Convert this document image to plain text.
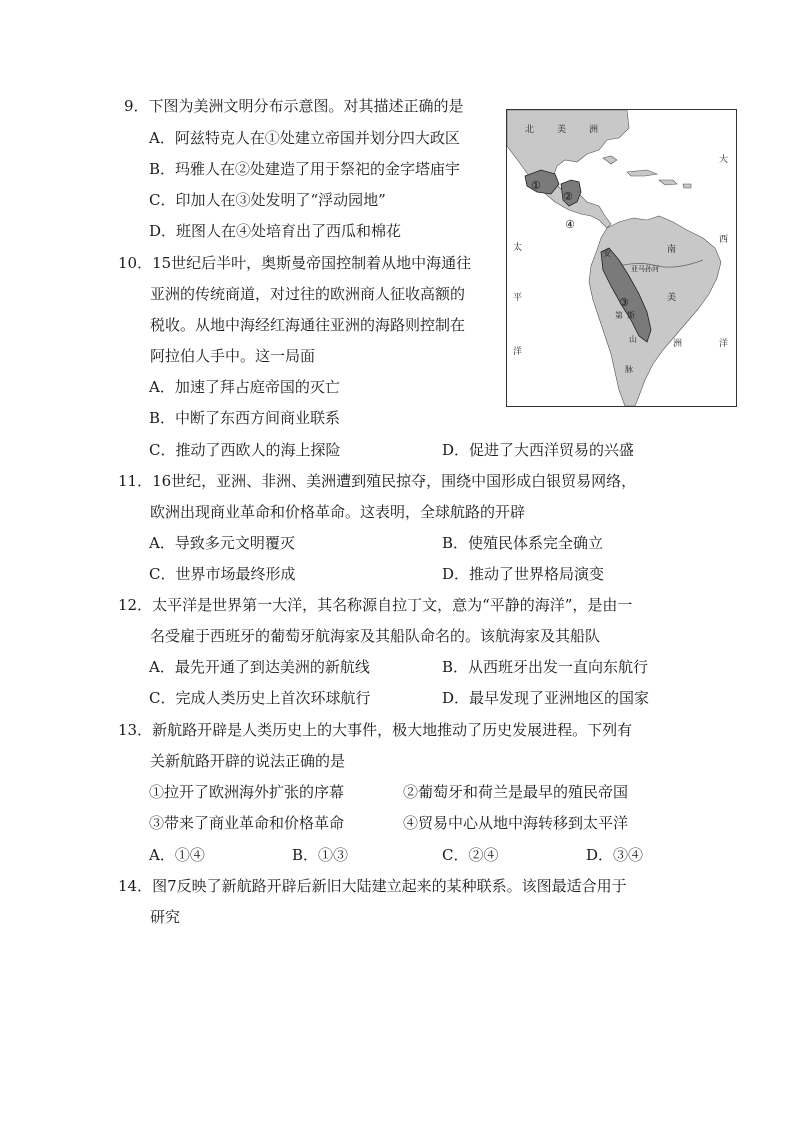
9．下图为美洲文明分布示意图。对其描述正确的是
A．阿兹特克人在①处建立帝国并划分四大政区
B．玛雅人在②处建造了用于祭祀的金字塔庙宇
C．印加人在③处发明了“浮动园地”
D．班图人在④处培育出了西瓜和棉花
10．15世纪后半叶，奥斯曼帝国控制着从地中海通往
亚洲的传统商道，对过往的欧洲商人征收高额的
税收。从地中海经红海通往亚洲的海路则控制在
阿拉伯人手中。这一局面
A．加速了拜占庭帝国的灭亡
B．中断了东西方间商业联系
C．推动了西欧人的海上探险	D．促进了大西洋贸易的兴盛
11．16世纪，亚洲、非洲、美洲遭到殖民掠夺，围绕中国形成白银贸易网络，
欧洲出现商业革命和价格革命。这表明，全球航路的开辟
A．导致多元文明覆灭	B．使殖民体系完全确立
C．世界市场最终形成	D．推动了世界格局演变
12．太平洋是世界第一大洋，其名称源自拉丁文，意为“平静的海洋”，是由一
名受雇于西班牙的葡萄牙航海家及其船队命名的。该航海家及其船队
A．最先开通了到达美洲的新航线	B．从西班牙出发一直向东航行
C．完成人类历史上首次环球航行	D．最早发现了亚洲地区的国家
13．新航路开辟是人类历史上的大事件，极大地推动了历史发展进程。下列有
关新航路开辟的说法正确的是
①拉开了欧洲海外扩张的序幕	②葡萄牙和荷兰是最早的殖民帝国
③带来了商业革命和价格革命	④贸易中心从地中海转移到太平洋
A．①④	B．①③	C．②④	D．③④
14．图7反映了新航路开辟后新旧大陆建立起来的某种联系。该图最适合用于
研究
①
②
③
④
北	美	洲
大
西
洋
太
平
洋
南
美
洲
亚马孙河
安
第 斯
山
脉
